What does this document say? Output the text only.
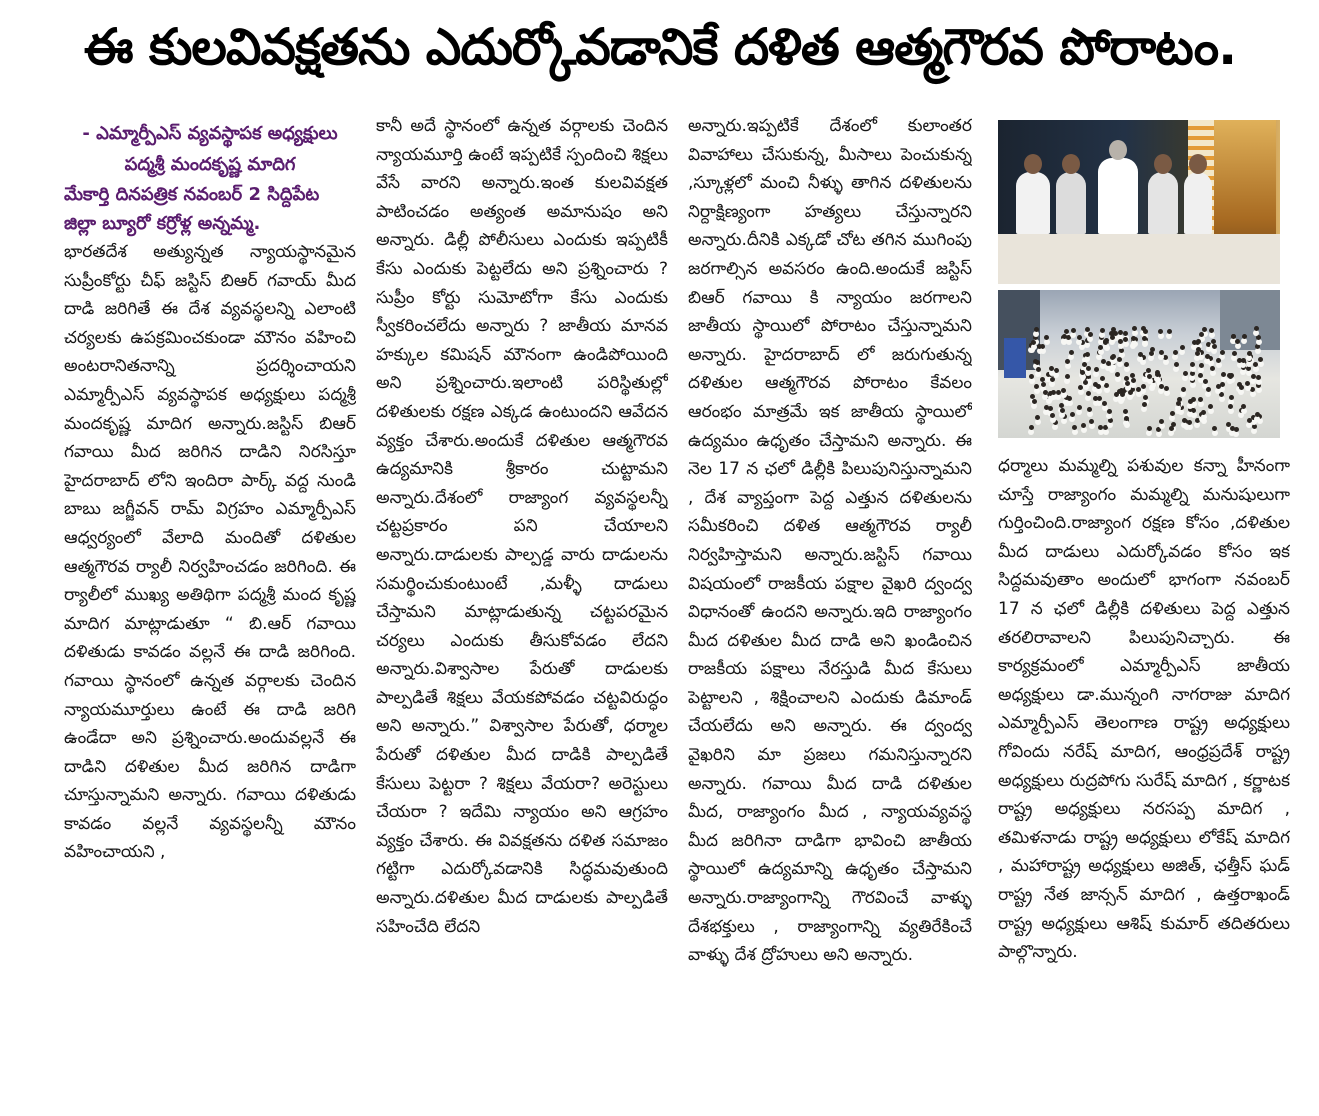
ఈ కులవివక్షతను ఎదుర్కోవడానికే దళిత ఆత్మగౌరవ పోరాటం.

- ఎమ్మార్పీఎస్ వ్యవస్థాపక అధ్యక్షులు పద్మశ్రీ మందకృష్ణ మాదిగ

మేకార్తి దినపత్రిక నవంబర్ 2 సిద్దిపేట జిల్లా బ్యూరో కర్రోళ్ల అన్నమ్మ.

భారతదేశ అత్యున్నత న్యాయస్థానమైన సుప్రీంకోర్టు చీఫ్ జస్టిస్ బిఆర్ గవాయ్ మీద దాడి జరిగితే ఈ దేశ వ్యవస్థలన్ని ఎలాంటి చర్యలకు ఉపక్రమించకుండా మౌనం వహించి అంటరానితనాన్ని ప్రదర్శించాయని ఎమ్మార్పీఎస్ వ్యవస్థాపక అధ్యక్షులు పద్మశ్రీ మందకృష్ణ మాదిగ అన్నారు.జస్టిస్ బిఆర్ గవాయి మీద జరిగిన దాడిని నిరసిస్తూ హైదరాబాద్ లోని ఇందిరా పార్క్ వద్ద నుండి బాబు జగ్జీవన్ రామ్ విగ్రహం ఎమ్మార్పీఎస్ ఆధ్వర్యంలో వేలాది మందితో దళితుల ఆత్మగౌరవ ర్యాలీ నిర్వహించడం జరిగింది. ఈ ర్యాలీలో ముఖ్య అతిథిగా పద్మశ్రీ మంద కృష్ణ మాదిగ మాట్లాడుతూ “ బి.ఆర్ గవాయి దళితుడు కావడం వల్లనే ఈ దాడి జరిగింది. గవాయి స్థానంలో ఉన్నత వర్గాలకు చెందిన న్యాయమూర్తులు ఉంటే ఈ దాడి జరిగి ఉండేదా అని ప్రశ్నించారు.అందువల్లనే ఈ దాడిని దళితుల మీద జరిగిన దాడిగా చూస్తున్నామని అన్నారు. గవాయి దళితుడు కావడం వల్లనే వ్యవస్థలన్నీ మౌనం వహించాయని ,

కానీ అదే స్థానంలో ఉన్నత వర్గాలకు చెందిన న్యాయమూర్తి ఉంటే ఇప్పటికే స్పందించి శిక్షలు వేసే వారని అన్నారు.ఇంత కులవివక్షత పాటించడం అత్యంత అమానుషం అని అన్నారు. డిల్లీ పోలీసులు ఎందుకు ఇప్పటికీ కేసు ఎందుకు పెట్టలేదు అని ప్రశ్నించారు ?సుప్రీం కోర్టు సుమోటోగా కేసు ఎందుకు స్వీకరించలేదు అన్నారు ? జాతీయ మానవ హక్కుల కమిషన్ మౌనంగా ఉండిపోయింది అని ప్రశ్నించారు.ఇలాంటి పరిస్థితుల్లో దళితులకు రక్షణ ఎక్కడ ఉంటుందని ఆవేదన వ్యక్తం చేశారు.అందుకే దళితుల ఆత్మగౌరవ ఉద్యమానికి శ్రీకారం చుట్టామని అన్నారు.దేశంలో రాజ్యాంగ వ్యవస్థలన్నీ చట్టప్రకారం పని చేయాలని అన్నారు.దాడులకు పాల్పడ్డ వారు దాడులను సమర్థించుకుంటుంటే ,మళ్ళీ దాడులు చేస్తామని మాట్లాడుతున్న చట్టపరమైన చర్యలు ఎందుకు తీసుకోవడం లేదని అన్నారు.విశ్వాసాల పేరుతో దాడులకు పాల్పడితే శిక్షలు వేయకపోవడం చట్టవిరుద్ధం అని అన్నారు.” విశ్వాసాల పేరుతో, ధర్మాల పేరుతో దళితుల మీద దాడికి పాల్పడితే కేసులు పెట్టరా ? శిక్షలు వేయరా? అరెస్టులు చేయరా ? ఇదేమి న్యాయం అని ఆగ్రహం వ్యక్తం చేశారు. ఈ వివక్షతను దళిత సమాజం గట్టిగా ఎదుర్కోవడానికి సిద్ధమవుతుంది అన్నారు.దళితుల మీద దాడులకు పాల్పడితే సహించేది లేదని

అన్నారు.ఇప్పటికే దేశంలో కులాంతర వివాహాలు చేసుకున్న, మీసాలు పెంచుకున్న ,స్కూళ్లలో మంచి నీళ్ళు తాగిన దళితులను నిర్దాక్షిణ్యంగా హత్యలు చేస్తున్నారని అన్నారు.దీనికి ఎక్కడో చోట తగిన ముగింపు జరగాల్సిన అవసరం ఉంది.అందుకే జస్టిస్ బిఆర్ గవాయి కి న్యాయం జరగాలని జాతీయ స్థాయిలో పోరాటం చేస్తున్నామని అన్నారు. హైదరాబాద్ లో జరుగుతున్న దళితుల ఆత్మగౌరవ పోరాటం కేవలం ఆరంభం మాత్రమే ఇక జాతీయ స్థాయిలో ఉద్యమం ఉధృతం చేస్తామని అన్నారు. ఈ నెల 17 న ఛలో డిల్లీకి పిలుపునిస్తున్నామని , దేశ వ్యాప్తంగా పెద్ద ఎత్తున దళితులను సమీకరించి దళిత ఆత్మగౌరవ ర్యాలీ నిర్వహిస్తామని అన్నారు.జస్టిస్ గవాయి విషయంలో రాజకీయ పక్షాల వైఖరి ద్వంద్వ విధానంతో ఉందని అన్నారు.ఇది రాజ్యాంగం మీద దళితుల మీద దాడి అని ఖండించిన రాజకీయ పక్షాలు నేరస్తుడి మీద కేసులు పెట్టాలని , శిక్షించాలని ఎందుకు డిమాండ్ చేయలేదు అని అన్నారు. ఈ ద్వంద్వ వైఖరిని మా ప్రజలు గమనిస్తున్నారని అన్నారు. గవాయి మీద దాడి దళితుల మీద, రాజ్యాంగం మీద , న్యాయవ్యవస్థ మీద జరిగినా దాడిగా భావించి జాతీయ స్థాయిలో ఉద్యమాన్ని ఉధృతం చేస్తామని అన్నారు.రాజ్యాంగాన్ని గౌరవించే వాళ్ళు దేశభక్తులు , రాజ్యాంగాన్ని వ్యతిరేకించే వాళ్ళు దేశ ద్రోహులు అని అన్నారు.

ధర్మాలు మమ్మల్ని పశువుల కన్నా హీనంగా చూస్తే రాజ్యాంగం మమ్మల్ని మనుషులుగా గుర్తించింది.రాజ్యాంగ రక్షణ కోసం ,దళితుల మీద దాడులు ఎదుర్కోవడం కోసం ఇక సిద్దమవుతాం అందులో భాగంగా నవంబర్ 17 న ఛలో డిల్లీకి దళితులు పెద్ద ఎత్తున తరలిరావాలని పిలుపునిచ్చారు. ఈ కార్యక్రమంలో ఎమ్మార్పీఎస్ జాతీయ అధ్యక్షులు డా.మున్నంగి నాగరాజు మాదిగ ఎమ్మార్పీఎస్ తెలంగాణ రాష్ట్ర అధ్యక్షులు గోవిందు నరేష్ మాదిగ, ఆంధ్రప్రదేశ్ రాష్ట్ర అధ్యక్షులు రుద్రపోగు సురేష్ మాదిగ , కర్ణాటక రాష్ట్ర అధ్యక్షులు నరసప్ప మాదిగ , తమిళనాడు రాష్ట్ర అధ్యక్షులు లోకేష్ మాదిగ , మహారాష్ట్ర అధ్యక్షులు అజిత్, ఛత్తీస్ ఘడ్ రాష్ట్ర నేత జాన్సన్ మాదిగ , ఉత్తరాఖండ్ రాష్ట్ర అధ్యక్షులు ఆశిష్ కుమార్ తదితరులు పాల్గొన్నారు.
